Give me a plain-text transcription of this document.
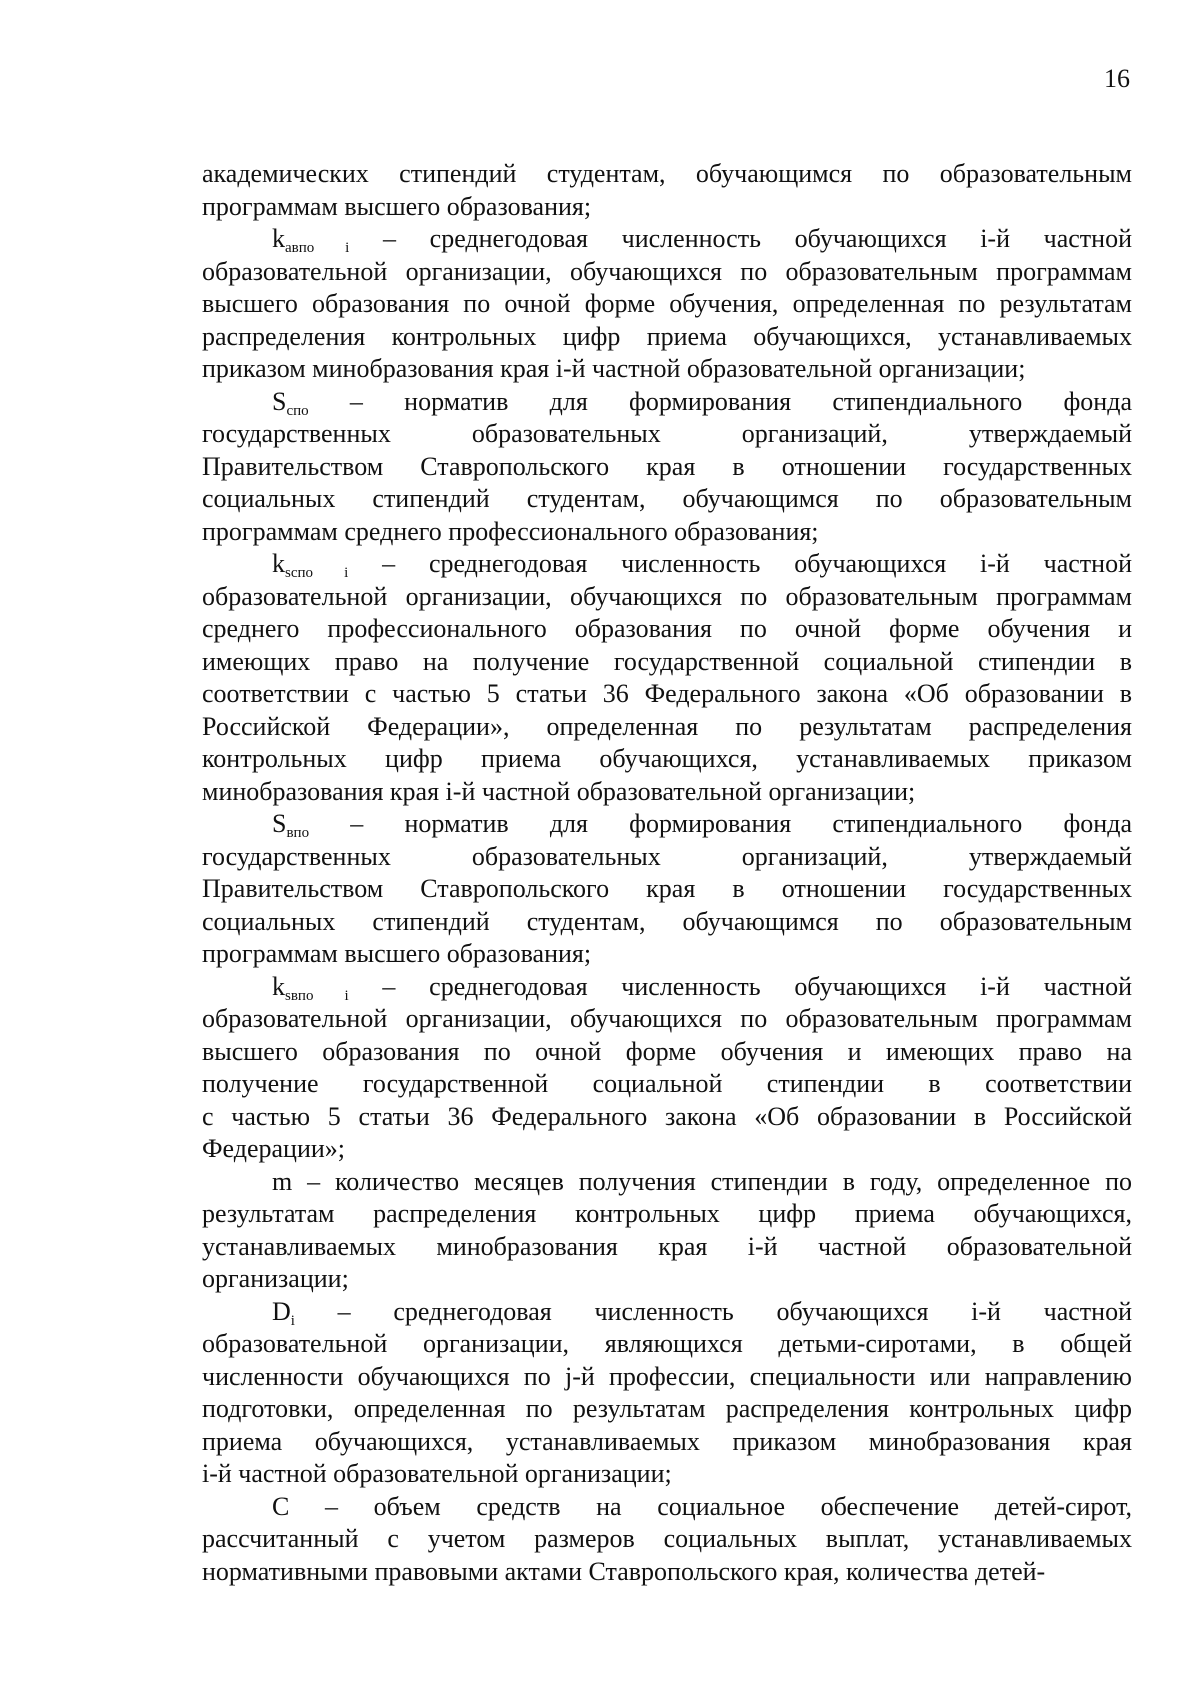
16

академических стипендий студентам, обучающимся по образовательным

программам высшего образования;

$k_{авпо i}$ – среднегодовая численность обучающихся i-й частной

образовательной организации, обучающихся по образовательным программам

высшего образования по очной форме обучения, определенная по результатам

распределения контрольных цифр приема обучающихся, устанавливаемых

приказом минобразования края i-й частной образовательной организации;

$S_{спо}$ – норматив для формирования стипендиального фонда

государственных образовательных организаций, утверждаемый

Правительством Ставропольского края в отношении государственных

социальных стипендий студентам, обучающимся по образовательным

программам среднего профессионального образования;

$k_{sспо i}$ – среднегодовая численность обучающихся i-й частной

образовательной организации, обучающихся по образовательным программам

среднего профессионального образования по очной форме обучения и

имеющих право на получение государственной социальной стипендии в

соответствии с частью 5 статьи 36 Федерального закона «Об образовании в

Российской Федерации», определенная по результатам распределения

контрольных цифр приема обучающихся, устанавливаемых приказом

минобразования края i-й частной образовательной организации;

$S_{впо}$ – норматив для формирования стипендиального фонда

государственных образовательных организаций, утверждаемый

Правительством Ставропольского края в отношении государственных

социальных стипендий студентам, обучающимся по образовательным

программам высшего образования;

$k_{sвпо i}$ – среднегодовая численность обучающихся i-й частной

образовательной организации, обучающихся по образовательным программам

высшего образования по очной форме обучения и имеющих право на

получение государственной социальной стипендии в соответствии

с частью 5 статьи 36 Федерального закона «Об образовании в Российской

Федерации»;

m – количество месяцев получения стипендии в году, определенное по

результатам распределения контрольных цифр приема обучающихся,

устанавливаемых минобразования края i-й частной образовательной

организации;

$D_i$ – среднегодовая численность обучающихся i-й частной

образовательной организации, являющихся детьми-сиротами, в общей

численности обучающихся по j-й профессии, специальности или направлению

подготовки, определенная по результатам распределения контрольных цифр

приема обучающихся, устанавливаемых приказом минобразования края

i-й частной образовательной организации;

C – объем средств на социальное обеспечение детей-сирот,

рассчитанный с учетом размеров социальных выплат, устанавливаемых

нормативными правовыми актами Ставропольского края, количества детей-
